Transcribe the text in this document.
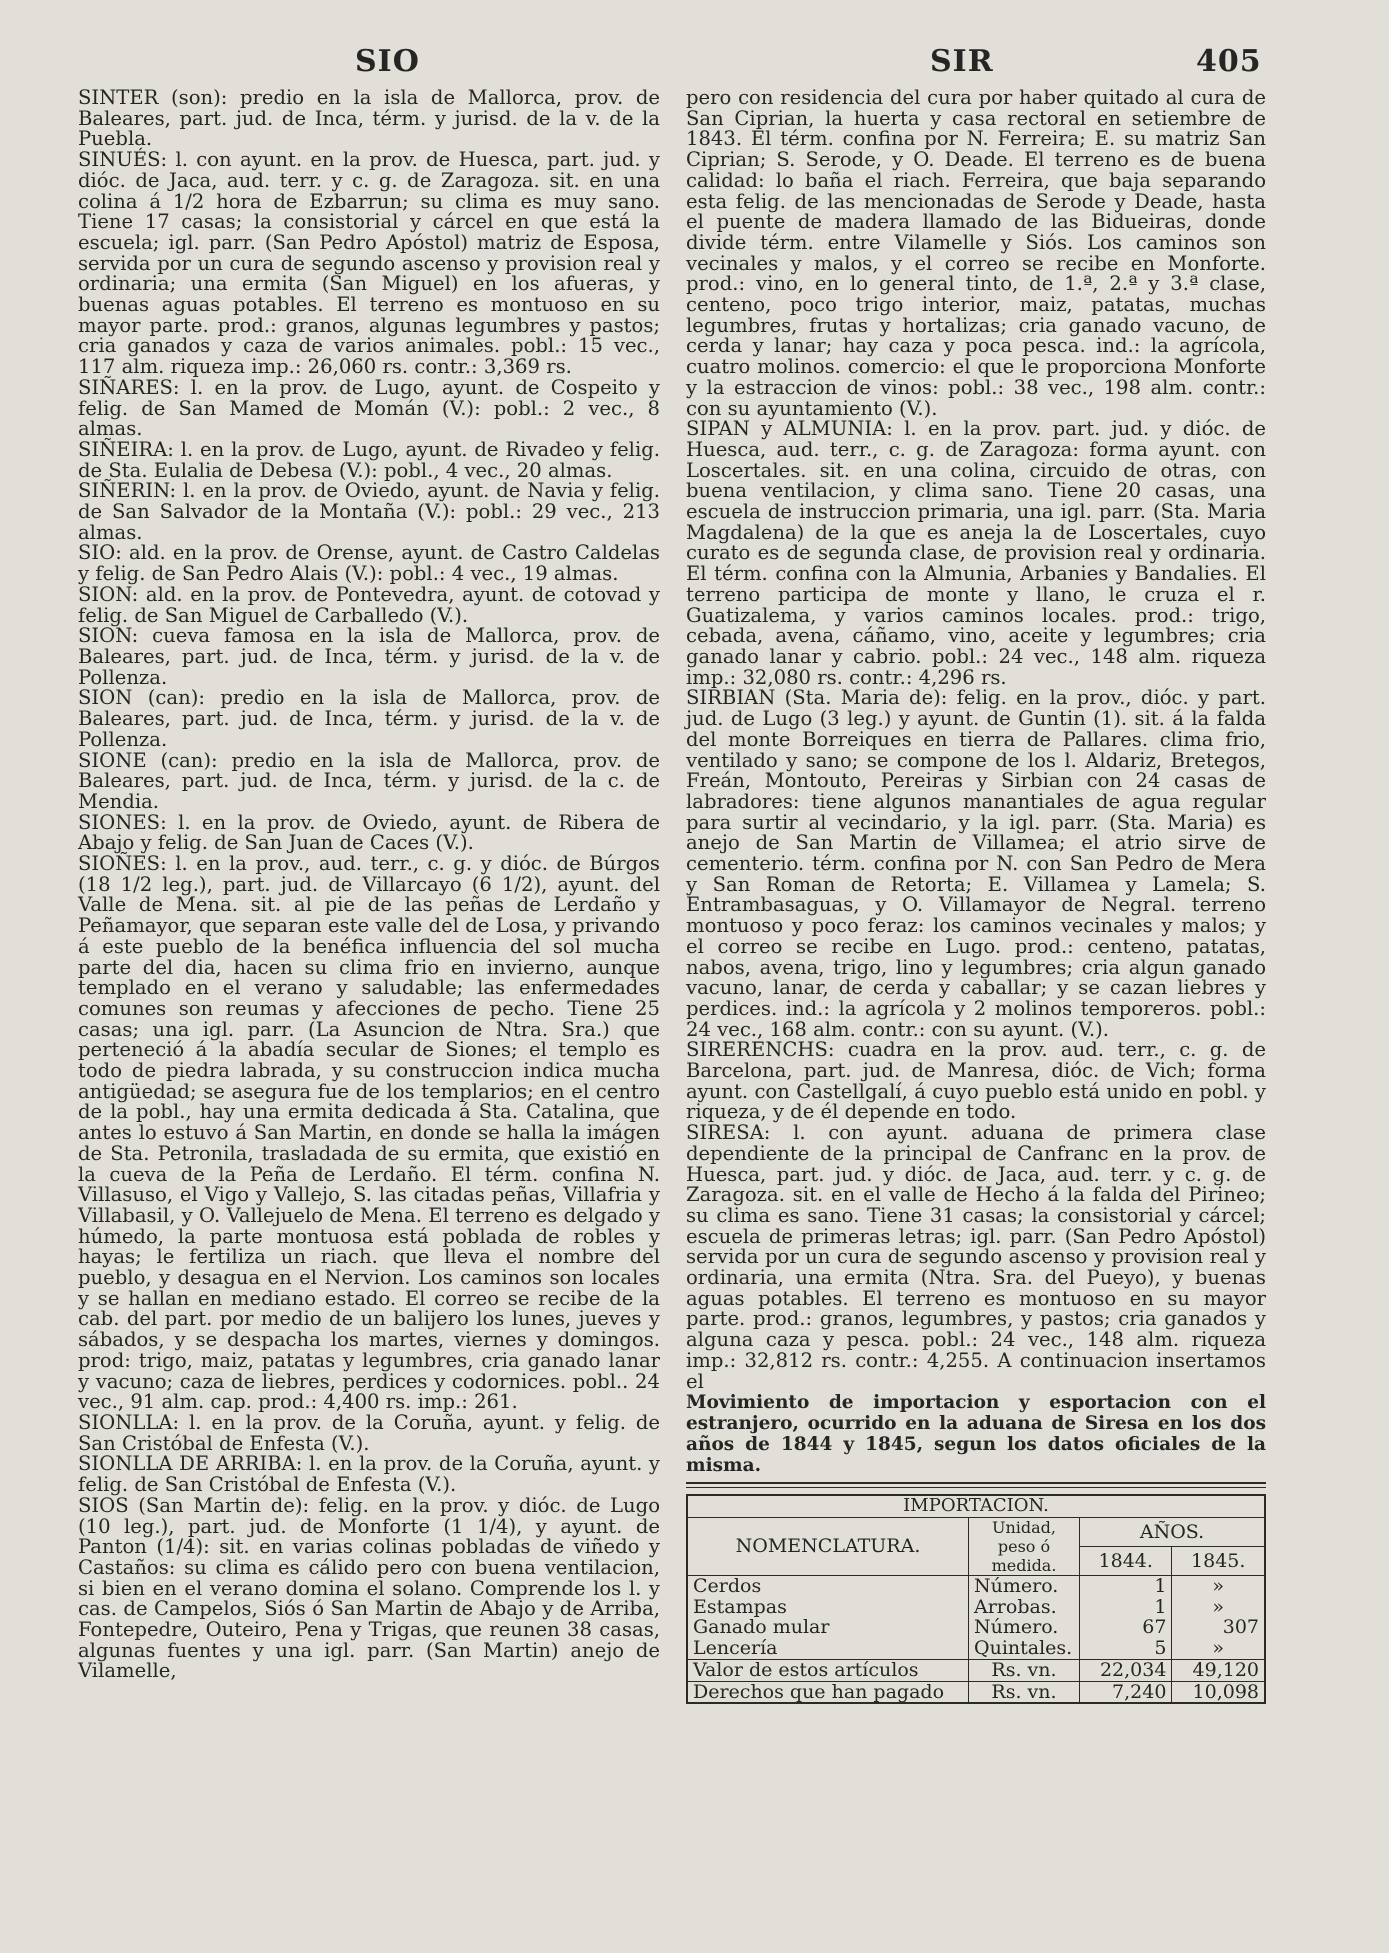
SIO	SIR	405

SINTER (son): predio en la isla de Mallorca, prov. de Baleares, part. jud. de Inca, térm. y jurisd. de la v. de la Puebla.

SINUÉS: l. con ayunt. en la prov. de Huesca, part. jud. y dióc. de Jaca, aud. terr. y c. g. de Zaragoza. sit. en una colina á 1/2 hora de Ezbarrun; su clima es muy sano. Tiene 17 casas; la consistorial y cárcel en que está la escuela; igl. parr. (San Pedro Apóstol) matriz de Esposa, servida por un cura de segundo ascenso y provision real y ordinaria; una ermita (San Miguel) en los afueras, y buenas aguas potables. El terreno es montuoso en su mayor parte. prod.: granos, algunas legumbres y pastos; cria ganados y caza de varios animales. pobl.: 15 vec., 117 alm. riqueza imp.: 26,060 rs. contr.: 3,369 rs.

SIÑARES: l. en la prov. de Lugo, ayunt. de Cospeito y felig. de San Mamed de Momán (V.): pobl.: 2 vec., 8 almas.

SIÑEIRA: l. en la prov. de Lugo, ayunt. de Rivadeo y felig. de Sta. Eulalia de Debesa (V.): pobl., 4 vec., 20 almas.

SIÑERIN: l. en la prov. de Oviedo, ayunt. de Navia y felig. de San Salvador de la Montaña (V.): pobl.: 29 vec., 213 almas.

SIO: ald. en la prov. de Orense, ayunt. de Castro Caldelas y felig. de San Pedro Alais (V.): pobl.: 4 vec., 19 almas.

SION: ald. en la prov. de Pontevedra, ayunt. de cotovad y felig. de San Miguel de Carballedo (V.).

SION: cueva famosa en la isla de Mallorca, prov. de Baleares, part. jud. de Inca, térm. y jurisd. de la v. de Pollenza.

SION (can): predio en la isla de Mallorca, prov. de Baleares, part. jud. de Inca, térm. y jurisd. de la v. de Pollenza.

SIONE (can): predio en la isla de Mallorca, prov. de Baleares, part. jud. de Inca, térm. y jurisd. de la c. de Mendia.

SIONES: l. en la prov. de Oviedo, ayunt. de Ribera de Abajo y felig. de San Juan de Caces (V.).

SIOÑES: l. en la prov., aud. terr., c. g. y dióc. de Búrgos (18 1/2 leg.), part. jud. de Villarcayo (6 1/2), ayunt. del Valle de Mena. sit. al pie de las peñas de Lerdaño y Peñamayor, que separan este valle del de Losa, y privando á este pueblo de la benéfica influencia del sol mucha parte del dia, hacen su clima frio en invierno, aunque templado en el verano y saludable; las enfermedades comunes son reumas y afecciones de pecho. Tiene 25 casas; una igl. parr. (La Asuncion de Ntra. Sra.) que perteneció á la abadía secular de Siones; el templo es todo de piedra labrada, y su construccion indica mucha antigüedad; se asegura fue de los templarios; en el centro de la pobl., hay una ermita dedicada á Sta. Catalina, que antes lo estuvo á San Martin, en donde se halla la imágen de Sta. Petronila, trasladada de su ermita, que existió en la cueva de la Peña de Lerdaño. El térm. confina N. Villasuso, el Vigo y Vallejo, S. las citadas peñas, Villafria y Villabasil, y O. Vallejuelo de Mena. El terreno es delgado y húmedo, la parte montuosa está poblada de robles y hayas; le fertiliza un riach. que lleva el nombre del pueblo, y desagua en el Nervion. Los caminos son locales y se hallan en mediano estado. El correo se recibe de la cab. del part. por medio de un balijero los lunes, jueves y sábados, y se despacha los martes, viernes y domingos. prod: trigo, maiz, patatas y legumbres, cria ganado lanar y vacuno; caza de liebres, perdices y codornices. pobl.. 24 vec., 91 alm. cap. prod.: 4,400 rs. imp.: 261.

SIONLLA: l. en la prov. de la Coruña, ayunt. y felig. de San Cristóbal de Enfesta (V.).

SIONLLA DE ARRIBA: l. en la prov. de la Coruña, ayunt. y felig. de San Cristóbal de Enfesta (V.).

SIOS (San Martin de): felig. en la prov. y dióc. de Lugo (10 leg.), part. jud. de Monforte (1 1/4), y ayunt. de Panton (1/4): sit. en varias colinas pobladas de viñedo y Castaños: su clima es cálido pero con buena ventilacion, si bien en el verano domina el solano. Comprende los l. y cas. de Campelos, Siós ó San Martin de Abajo y de Arriba, Fontepedre, Outeiro, Pena y Trigas, que reunen 38 casas, algunas fuentes y una igl. parr. (San Martin) anejo de Vilamelle,

pero con residencia del cura por haber quitado al cura de San Ciprian, la huerta y casa rectoral en setiembre de 1843. El térm. confina por N. Ferreira; E. su matriz San Ciprian; S. Serode, y O. Deade. El terreno es de buena calidad: lo baña el riach. Ferreira, que baja separando esta felig. de las mencionadas de Serode y Deade, hasta el puente de madera llamado de las Bidueiras, donde divide térm. entre Vilamelle y Siós. Los caminos son vecinales y malos, y el correo se recibe en Monforte. prod.: vino, en lo general tinto, de 1.ª, 2.ª y 3.ª clase, centeno, poco trigo interior, maiz, patatas, muchas legumbres, frutas y hortalizas; cria ganado vacuno, de cerda y lanar; hay caza y poca pesca. ind.: la agrícola, cuatro molinos. comercio: el que le proporciona Monforte y la estraccion de vinos: pobl.: 38 vec., 198 alm. contr.: con su ayuntamiento (V.).

SIPAN y ALMUNIA: l. en la prov. part. jud. y dióc. de Huesca, aud. terr., c. g. de Zaragoza: forma ayunt. con Loscertales. sit. en una colina, circuido de otras, con buena ventilacion, y clima sano. Tiene 20 casas, una escuela de instruccion primaria, una igl. parr. (Sta. Maria Magdalena) de la que es aneja la de Loscertales, cuyo curato es de segunda clase, de provision real y ordinaria. El térm. confina con la Almunia, Arbanies y Bandalies. El terreno participa de monte y llano, le cruza el r. Guatizalema, y varios caminos locales. prod.: trigo, cebada, avena, cáñamo, vino, aceite y legumbres; cria ganado lanar y cabrio. pobl.: 24 vec., 148 alm. riqueza imp.: 32,080 rs. contr.: 4,296 rs.

SIRBIAN (Sta. Maria de): felig. en la prov., dióc. y part. jud. de Lugo (3 leg.) y ayunt. de Guntin (1). sit. á la falda del monte Borreiques en tierra de Pallares. clima frio, ventilado y sano; se compone de los l. Aldariz, Bretegos, Freán, Montouto, Pereiras y Sirbian con 24 casas de labradores: tiene algunos manantiales de agua regular para surtir al vecindario, y la igl. parr. (Sta. Maria) es anejo de San Martin de Villamea; el atrio sirve de cementerio. térm. confina por N. con San Pedro de Mera y San Roman de Retorta; E. Villamea y Lamela; S. Entrambasaguas, y O. Villamayor de Negral. terreno montuoso y poco feraz: los caminos vecinales y malos; y el correo se recibe en Lugo. prod.: centeno, patatas, nabos, avena, trigo, lino y legumbres; cria algun ganado vacuno, lanar, de cerda y caballar; y se cazan liebres y perdices. ind.: la agrícola y 2 molinos temporeros. pobl.: 24 vec., 168 alm. contr.: con su ayunt. (V.).

SIRERENCHS: cuadra en la prov. aud. terr., c. g. de Barcelona, part. jud. de Manresa, dióc. de Vich; forma ayunt. con Castellgalí, á cuyo pueblo está unido en pobl. y riqueza, y de él depende en todo.

SIRESA: l. con ayunt. aduana de primera clase dependiente de la principal de Canfranc en la prov. de Huesca, part. jud. y dióc. de Jaca, aud. terr. y c. g. de Zaragoza. sit. en el valle de Hecho á la falda del Pirineo; su clima es sano. Tiene 31 casas; la consistorial y cárcel; escuela de primeras letras; igl. parr. (San Pedro Apóstol) servida por un cura de segundo ascenso y provision real y ordinaria, una ermita (Ntra. Sra. del Pueyo), y buenas aguas potables. El terreno es montuoso en su mayor parte. prod.: granos, legumbres, y pastos; cria ganados y alguna caza y pesca. pobl.: 24 vec., 148 alm. riqueza imp.: 32,812 rs. contr.: 4,255. A continuacion insertamos el

Movimiento de importacion y esportacion con el estranjero, ocurrido en la aduana de Siresa en los dos años de 1844 y 1845, segun los datos oficiales de la misma.

IMPORTACION.			
NOMENCLATURA.	Unidad, peso ó medida.	AÑOS.	
		1844.	1845.
Cerdos	Número.	1	»
Estampas	Arrobas.	1	»
Ganado mular	Número.	67	307
Lencería	Quintales.	5	»
Valor de estos artículos	Rs. vn.	22,034	49,120
Derechos que han pagado	Rs. vn.	7,240	10,098
